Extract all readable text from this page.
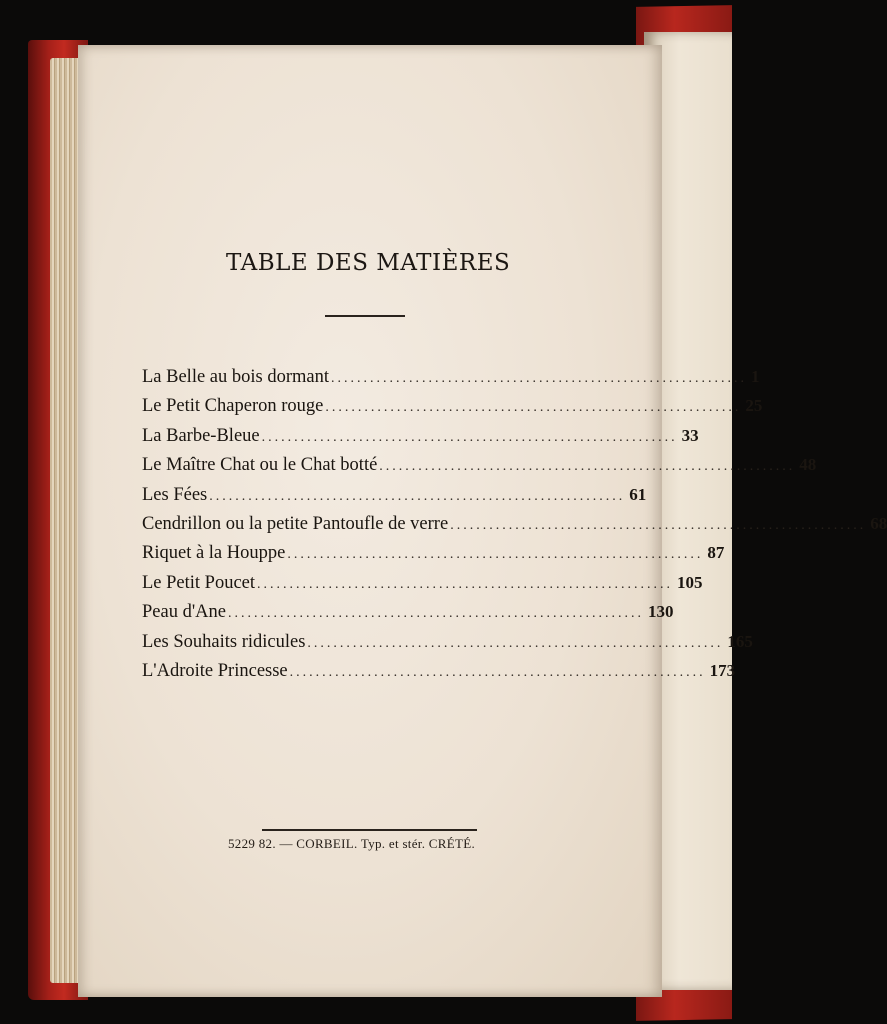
TABLE DES MATIÈRES
La Belle au bois dormant ................................................................ 1
Le Petit Chaperon rouge ................................................................ 25
La Barbe-Bleue ................................................................ 33
Le Maître Chat ou le Chat botté ................................................................ 48
Les Fées ................................................................ 61
Cendrillon ou la petite Pantoufle de verre ................................................................ 68
Riquet à la Houppe ................................................................ 87
Le Petit Poucet ................................................................ 105
Peau d'Ane ................................................................ 130
Les Souhaits ridicules ................................................................ 165
L'Adroite Princesse ................................................................ 173
5229 82. — CORBEIL. Typ. et stér. CRÉTÉ.
